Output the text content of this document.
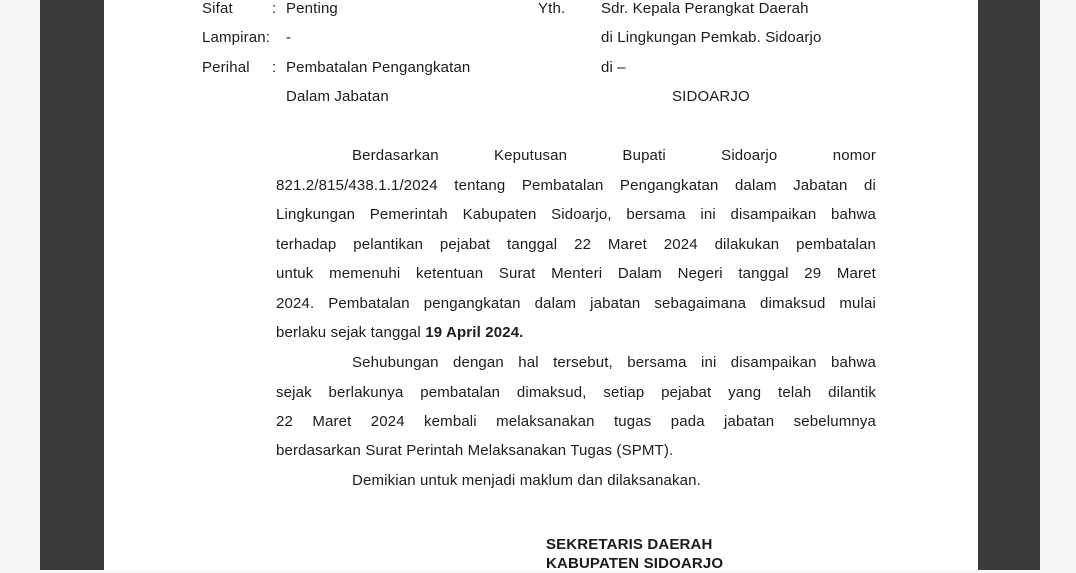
Sifat	: Penting
Lampiran: -
Perihal : Pembatalan Pengangkatan
Dalam Jabatan
Yth. Sdr. Kepala Perangkat Daerah
di Lingkungan Pemkab. Sidoarjo
di –
SIDOARJO
Berdasarkan Keputusan Bupati Sidoarjo nomor
821.2/815/438.1.1/2024 tentang Pembatalan Pengangkatan dalam Jabatan di
Lingkungan Pemerintah Kabupaten Sidoarjo, bersama ini disampaikan bahwa
terhadap pelantikan pejabat tanggal 22 Maret 2024 dilakukan pembatalan
untuk memenuhi ketentuan Surat Menteri Dalam Negeri tanggal 29 Maret
2024. Pembatalan pengangkatan dalam jabatan sebagaimana dimaksud mulai
berlaku sejak tanggal 19 April 2024.
Sehubungan dengan hal tersebut, bersama ini disampaikan bahwa
sejak berlakunya pembatalan dimaksud, setiap pejabat yang telah dilantik
22 Maret 2024 kembali melaksanakan tugas pada jabatan sebelumnya
berdasarkan Surat Perintah Melaksanakan Tugas (SPMT).
Demikian untuk menjadi maklum dan dilaksanakan.
SEKRETARIS DAERAH
KABUPATEN SIDOARJO
